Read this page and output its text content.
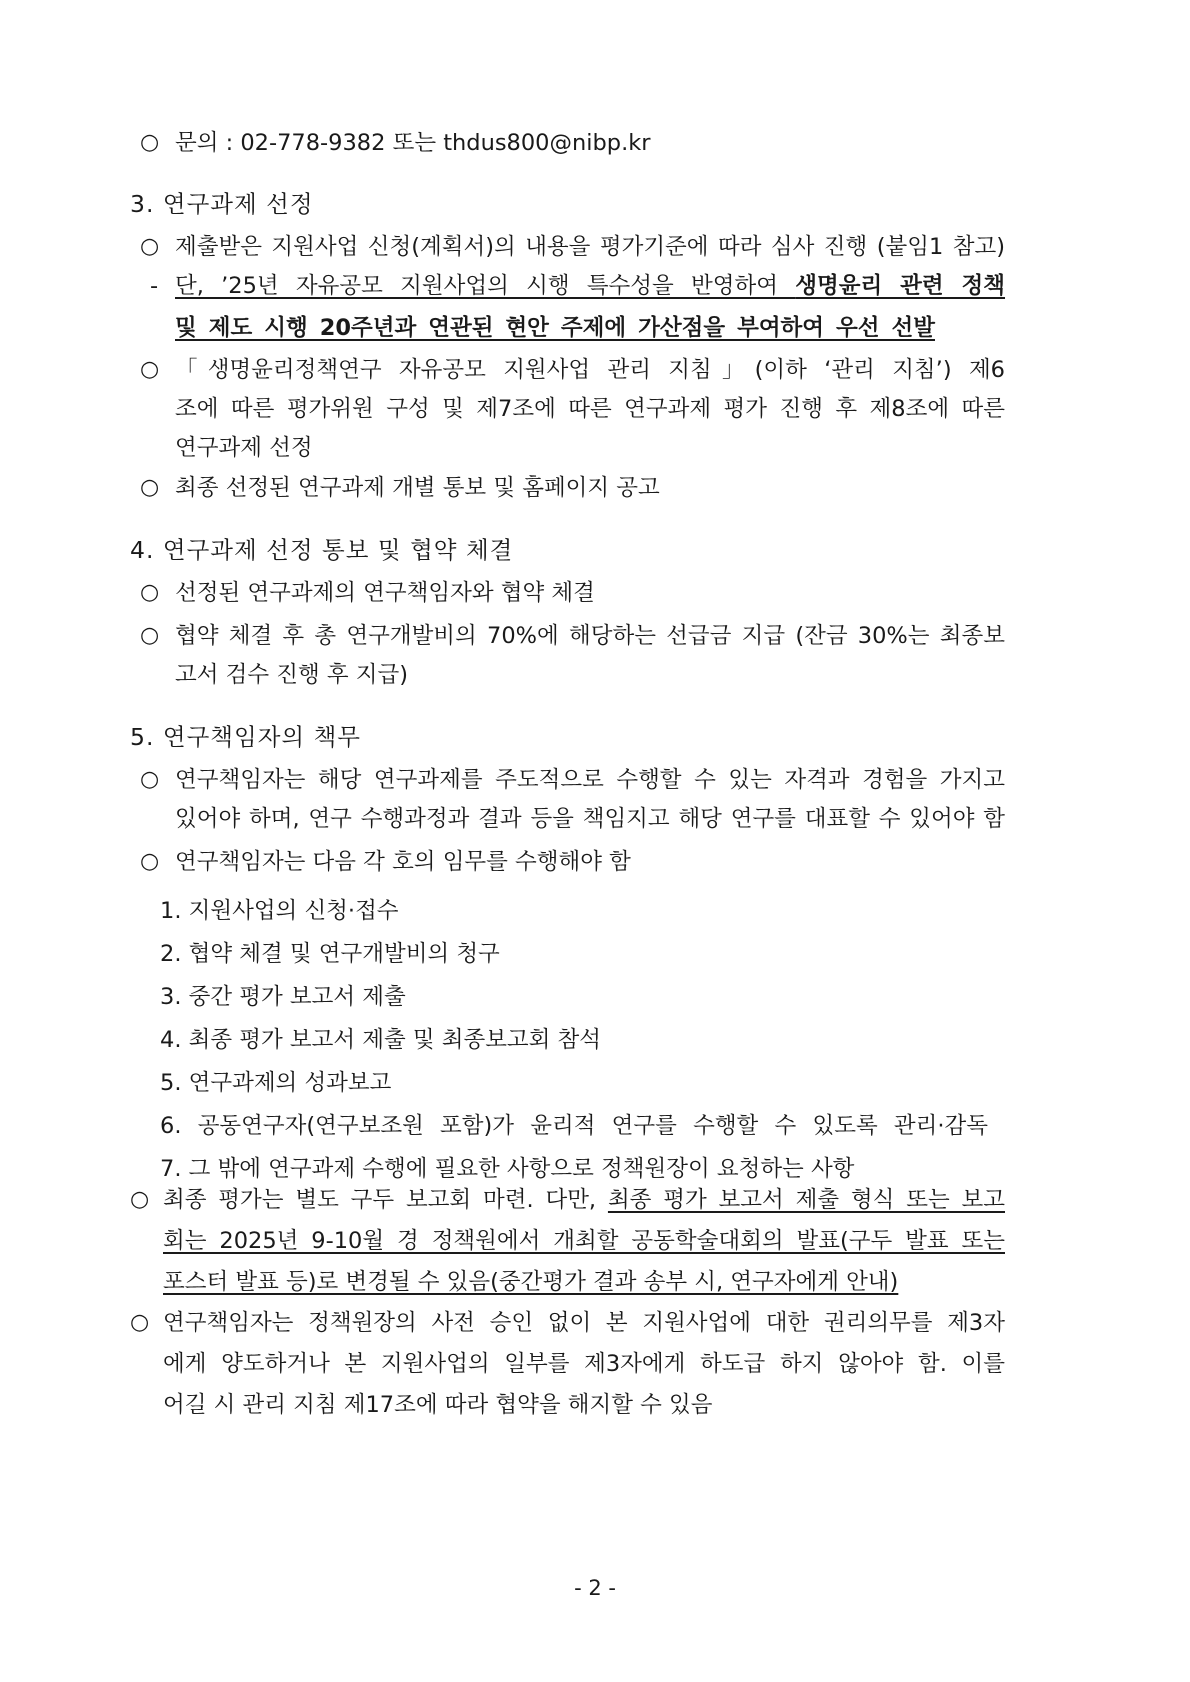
○ 문의 : 02-778-9382 또는 thdus800@nibp.kr
3. 연구과제 선정
○ 제출받은 지원사업 신청(계획서)의 내용을 평가기준에 따라 심사 진행 (붙임1 참고)
- 단, ’25년 자유공모 지원사업의 시행 특수성을 반영하여 생명윤리 관련 정책
및 제도 시행 20주년과 연관된 현안 주제에 가산점을 부여하여 우선 선발
○ 「생명윤리정책연구 자유공모 지원사업 관리 지침」(이하 ‘관리 지침’) 제6
조에 따른 평가위원 구성 및 제7조에 따른 연구과제 평가 진행 후 제8조에 따른
연구과제 선정
○ 최종 선정된 연구과제 개별 통보 및 홈페이지 공고
4. 연구과제 선정 통보 및 협약 체결
○ 선정된 연구과제의 연구책임자와 협약 체결
○ 협약 체결 후 총 연구개발비의 70%에 해당하는 선급금 지급 (잔금 30%는 최종보
고서 검수 진행 후 지급)
5. 연구책임자의 책무
○ 연구책임자는 해당 연구과제를 주도적으로 수행할 수 있는 자격과 경험을 가지고
있어야 하며, 연구 수행과정과 결과 등을 책임지고 해당 연구를 대표할 수 있어야 함
○ 연구책임자는 다음 각 호의 임무를 수행해야 함
1. 지원사업의 신청·접수
2. 협약 체결 및 연구개발비의 청구
3. 중간 평가 보고서 제출
4. 최종 평가 보고서 제출 및 최종보고회 참석
5. 연구과제의 성과보고
6. 공동연구자(연구보조원 포함)가 윤리적 연구를 수행할 수 있도록 관리·감독
7. 그 밖에 연구과제 수행에 필요한 사항으로 정책원장이 요청하는 사항
○ 최종 평가는 별도 구두 보고회 마련. 다만, 최종 평가 보고서 제출 형식 또는 보고
회는 2025년 9-10월 경 정책원에서 개최할 공동학술대회의 발표(구두 발표 또는
포스터 발표 등)로 변경될 수 있음(중간평가 결과 송부 시, 연구자에게 안내)
○ 연구책임자는 정책원장의 사전 승인 없이 본 지원사업에 대한 권리의무를 제3자
에게 양도하거나 본 지원사업의 일부를 제3자에게 하도급 하지 않아야 함. 이를
어길 시 관리 지침 제17조에 따라 협약을 해지할 수 있음
- 2 -
